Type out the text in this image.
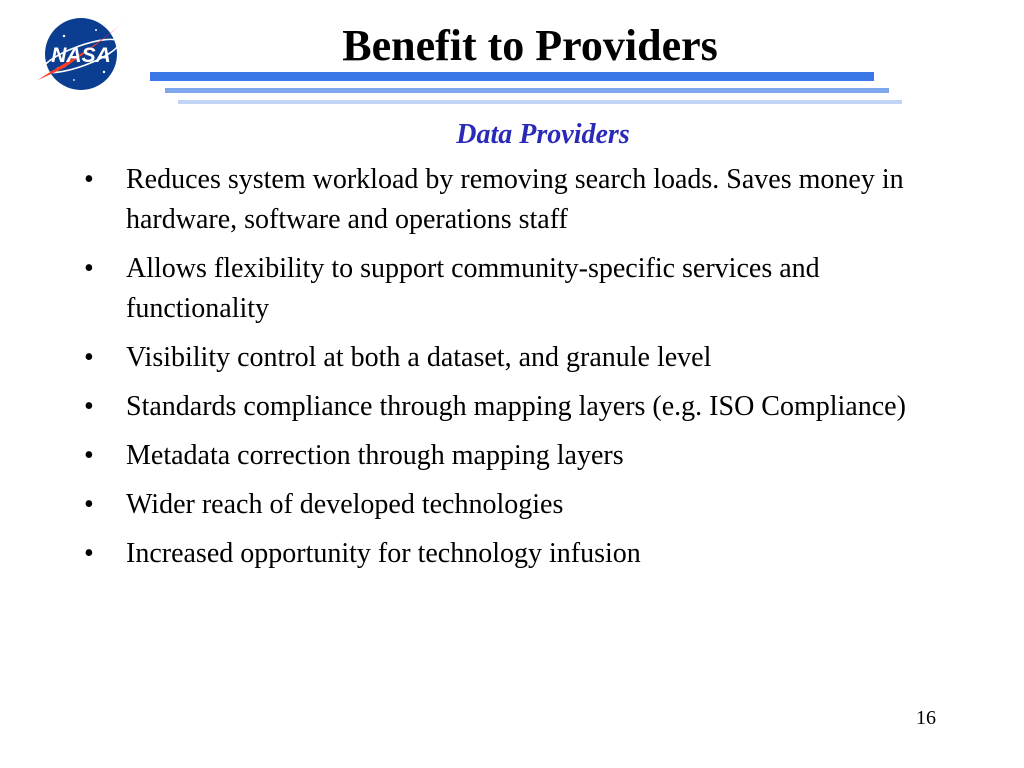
NASA	Benefit to Providers
Data Providers
•	Reduces system workload by removing search loads. Saves money in hardware, software and operations staff
•	Allows flexibility to support community-specific services and functionality
•	Visibility control at both a dataset, and granule level
•	Standards compliance through mapping layers (e.g. ISO Compliance)
•	Metadata correction through mapping layers
•	Wider reach of developed technologies
•	Increased opportunity for technology infusion
16
